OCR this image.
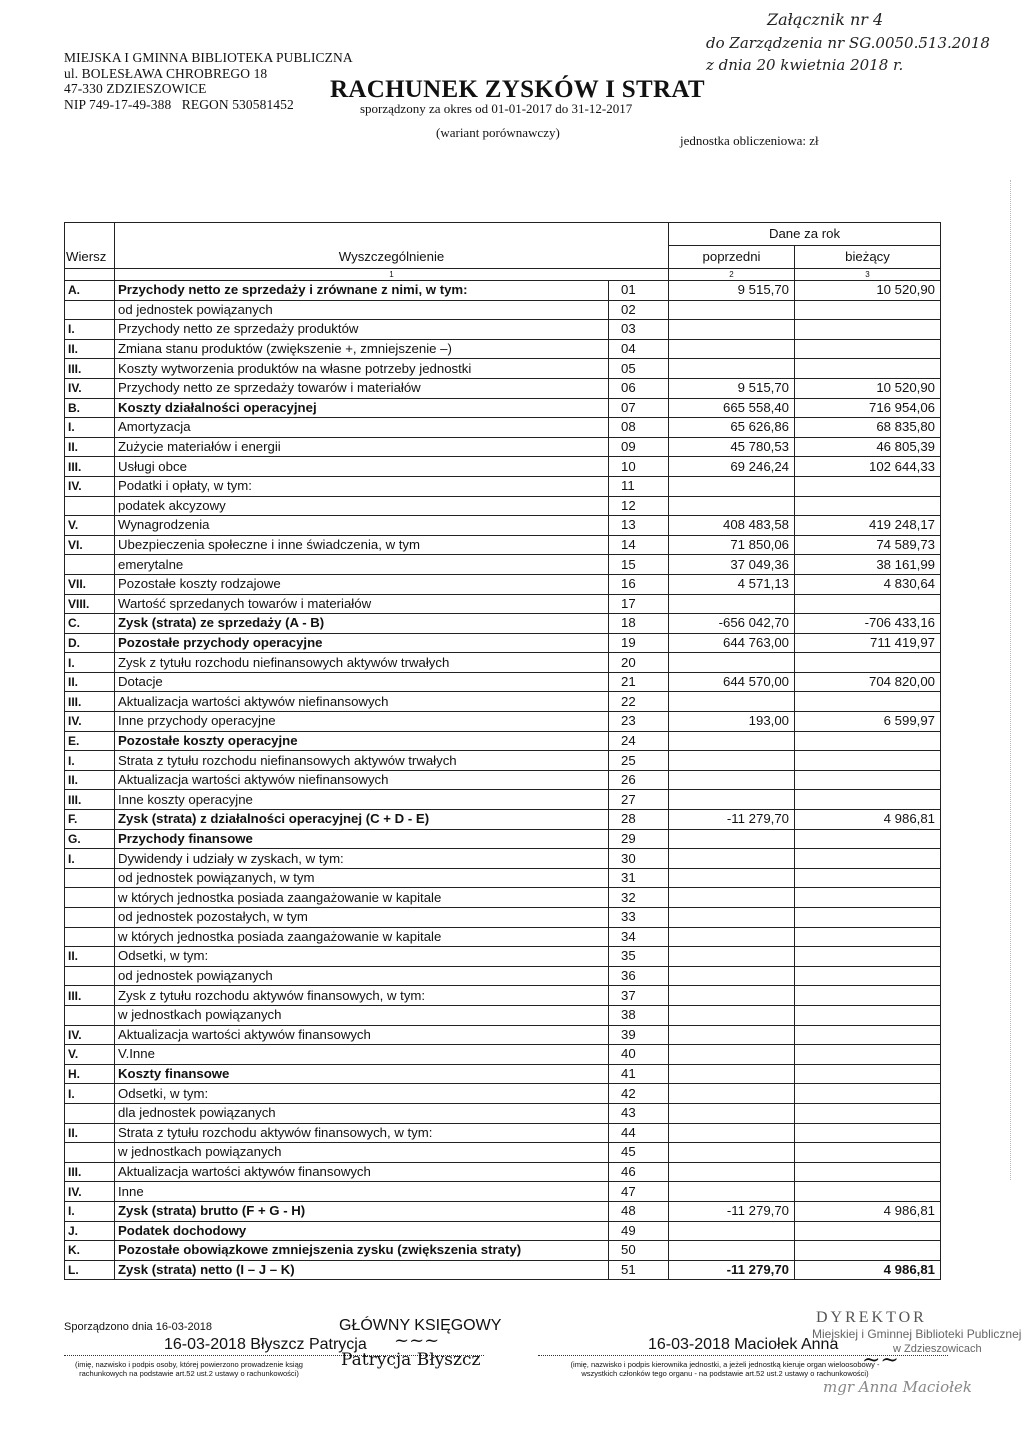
MIEJSKA I GMINNA BIBLIOTEKA PUBLICZNA
ul. BOLESŁAWA CHROBREGO 18
47-330 ZDZIESZOWICE
NIP 749-17-49-388   REGON 530581452
RACHUNEK ZYSKÓW I STRAT
sporządzony za okres od 01-01-2017 do 31-12-2017
(wariant porównawczy)
jednostka obliczeniowa: zł
Załącznik nr 4
do Zarządzenia nr SG.0050.513.2018
z dnia 20 kwietnia 2018 r.
			Dane za rok	
Wiersz	Wyszczególnienie		poprzedni	bieżący
	1		2	3
A.	Przychody netto ze sprzedaży i zrównane z nimi, w tym:	01	9 515,70	10 520,90
	od jednostek powiązanych	02		
I.	Przychody netto ze sprzedaży produktów	03		
II.	Zmiana stanu produktów (zwiększenie +, zmniejszenie –)	04		
III.	Koszty wytworzenia produktów na własne potrzeby jednostki	05		
IV.	Przychody netto ze sprzedaży towarów i materiałów	06	9 515,70	10 520,90
B.	Koszty działalności operacyjnej	07	665 558,40	716 954,06
I.	Amortyzacja	08	65 626,86	68 835,80
II.	Zużycie materiałów i energii	09	45 780,53	46 805,39
III.	Usługi obce	10	69 246,24	102 644,33
IV.	Podatki i opłaty, w tym:	11		
	podatek akcyzowy	12		
V.	Wynagrodzenia	13	408 483,58	419 248,17
VI.	Ubezpieczenia społeczne i inne świadczenia, w tym	14	71 850,06	74 589,73
	emerytalne	15	37 049,36	38 161,99
VII.	Pozostałe koszty rodzajowe	16	4 571,13	4 830,64
VIII.	Wartość sprzedanych towarów i materiałów	17		
C.	Zysk (strata) ze sprzedaży (A - B)	18	-656 042,70	-706 433,16
D.	Pozostałe przychody operacyjne	19	644 763,00	711 419,97
I.	Zysk z tytułu rozchodu niefinansowych aktywów trwałych	20		
II.	Dotacje	21	644 570,00	704 820,00
III.	Aktualizacja wartości aktywów niefinansowych	22		
IV.	Inne przychody operacyjne	23	193,00	6 599,97
E.	Pozostałe koszty operacyjne	24		
I.	Strata z tytułu rozchodu niefinansowych aktywów trwałych	25		
II.	Aktualizacja wartości aktywów niefinansowych	26		
III.	Inne koszty operacyjne	27		
F.	Zysk (strata) z działalności operacyjnej (C + D - E)	28	-11 279,70	4 986,81
G.	Przychody finansowe	29		
I.	Dywidendy i udziały w zyskach, w tym:	30		
	od jednostek powiązanych, w tym	31		
	w których jednostka posiada zaangażowanie w kapitale	32		
	od jednostek pozostałych, w tym	33		
	w których jednostka posiada zaangażowanie w kapitale	34		
II.	Odsetki, w tym:	35		
	od jednostek powiązanych	36		
III.	Zysk z tytułu rozchodu aktywów finansowych, w tym:	37		
	w jednostkach powiązanych	38		
IV.	Aktualizacja wartości aktywów finansowych	39		
V.	V.Inne	40		
H.	Koszty finansowe	41		
I.	Odsetki, w tym:	42		
	dla jednostek powiązanych	43		
II.	Strata z tytułu rozchodu aktywów finansowych, w tym:	44		
	w jednostkach powiązanych	45		
III.	Aktualizacja wartości aktywów finansowych	46		
IV.	Inne	47		
I.	Zysk (strata) brutto (F + G - H)	48	-11 279,70	4 986,81
J.	Podatek dochodowy	49		
K.	Pozostałe obowiązkowe zmniejszenia zysku (zwiększenia straty)	50		
L.	Zysk (strata) netto (I – J – K)	51	-11 279,70	4 986,81
Sporządzono dnia 16-03-2018	GŁÓWNY KSIĘGOWY
16-03-2018 Błyszcz Patrycja ~~~	16-03-2018 Maciołek Anna
(imię, nazwisko i podpis osoby, której powierzono prowadzenie ksiąg rachunkowych na podstawie art.52 ust.2 ustawy o rachunkowości)
(imię, nazwisko i podpis kierownika jednostki, a jeżeli jednostką kieruje organ wieloosobowy - wszystkich członków tego organu - na podstawie art.52 ust.2 ustawy o rachunkowości)
Patrycja Błyszcz
DYREKTOR
Miejskiej i Gminnej Biblioteki Publicznej
w Zdzieszowicach
mgr Anna Maciołek
~~
